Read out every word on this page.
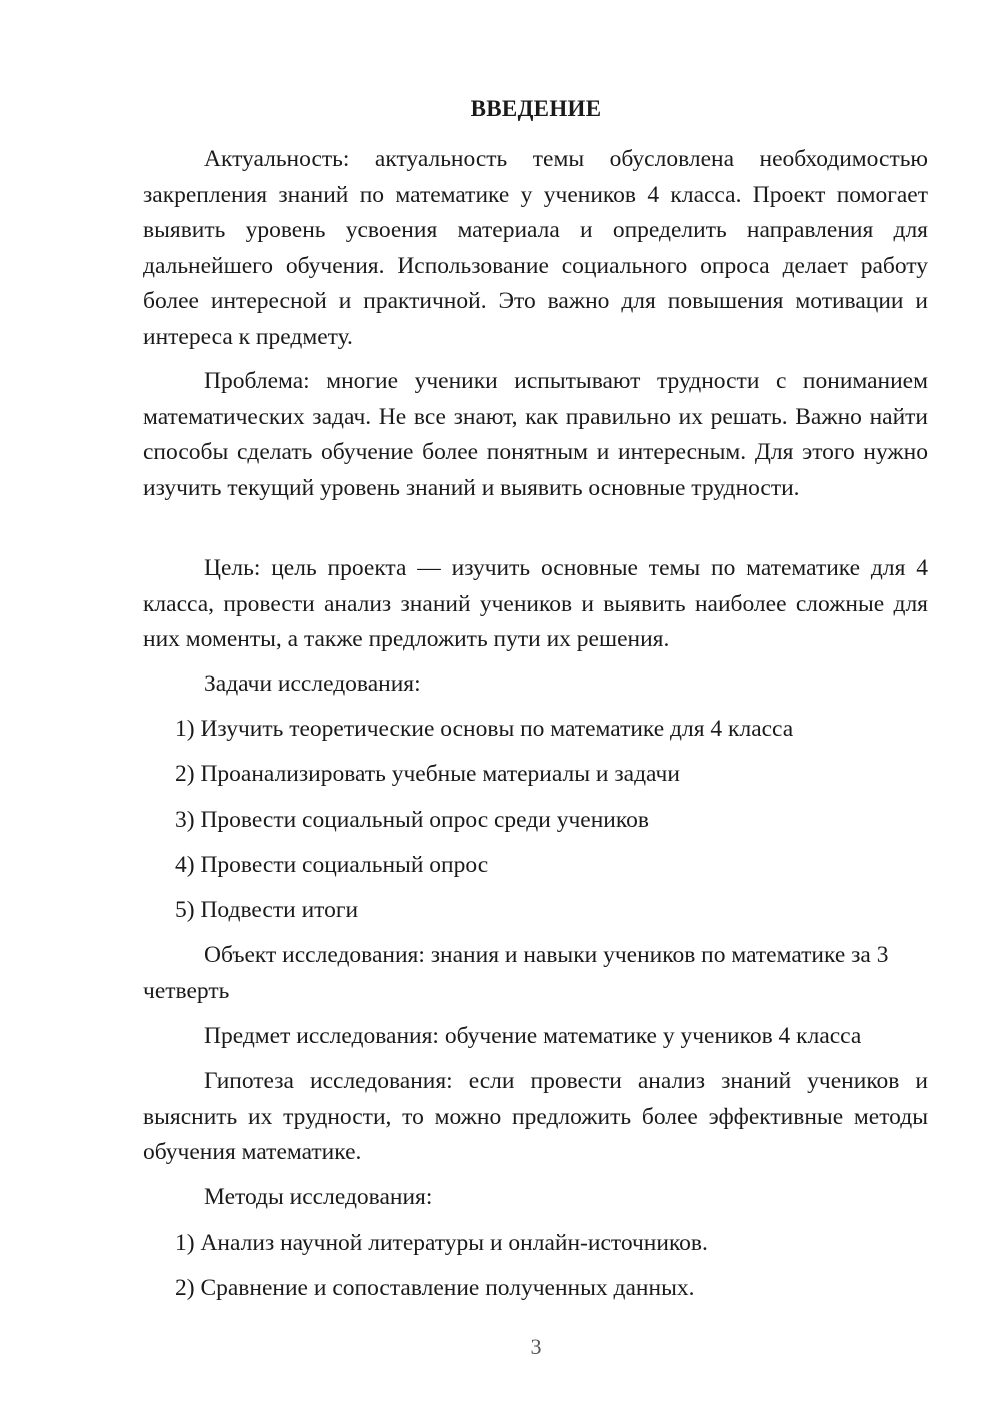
ВВЕДЕНИЕ
Актуальность: актуальность темы обусловлена необходимостью закрепления знаний по математике у учеников 4 класса. Проект помогает выявить уровень усвоения материала и определить направления для дальнейшего обучения. Использование социального опроса делает работу более интересной и практичной. Это важно для повышения мотивации и интереса к предмету.
Проблема: многие ученики испытывают трудности с пониманием математических задач. Не все знают, как правильно их решать. Важно найти способы сделать обучение более понятным и интересным. Для этого нужно изучить текущий уровень знаний и выявить основные трудности.
Цель: цель проекта — изучить основные темы по математике для 4 класса, провести анализ знаний учеников и выявить наиболее сложные для них моменты, а также предложить пути их решения.
Задачи исследования:
1) Изучить теоретические основы по математике для 4 класса
2) Проанализировать учебные материалы и задачи
3) Провести социальный опрос среди учеников
4) Провести социальный опрос
5) Подвести итоги
Объект исследования: знания и навыки учеников по математике за 3 четверть
Предмет исследования: обучение математике у учеников 4 класса
Гипотеза исследования: если провести анализ знаний учеников и выяснить их трудности, то можно предложить более эффективные методы обучения математике.
Методы исследования:
1) Анализ научной литературы и онлайн-источников.
2) Сравнение и сопоставление полученных данных.
3
